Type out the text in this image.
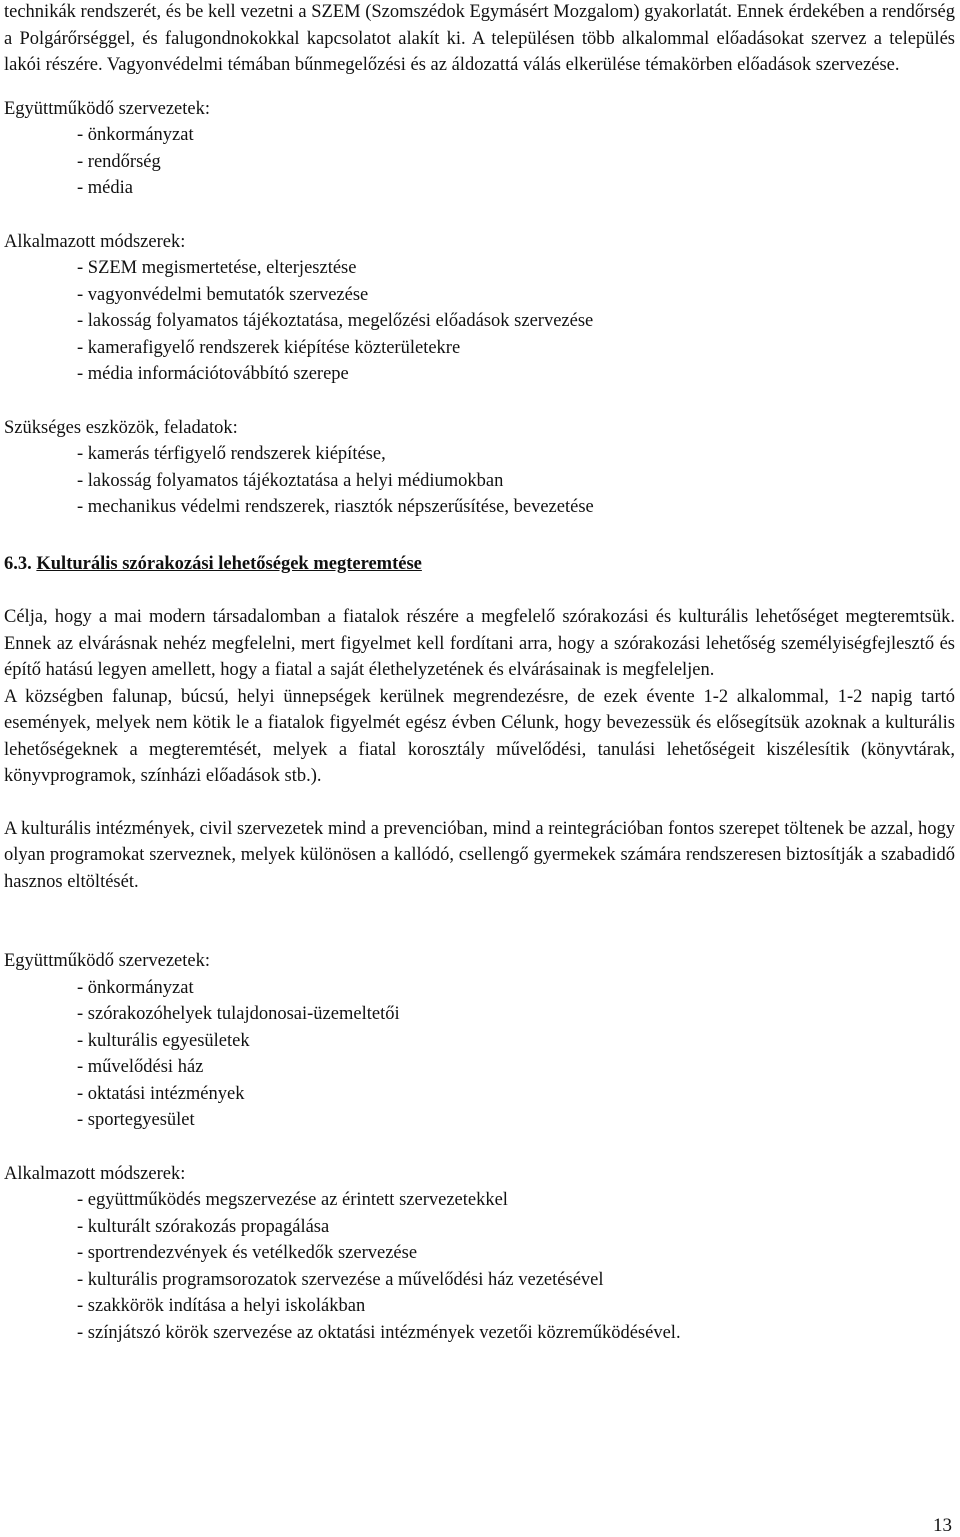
technikák rendszerét, és be kell vezetni a SZEM (Szomszédok Egymásért Mozgalom) gyakorlatát. Ennek érdekében a rendőrség a Polgárőrséggel, és falugondnokokkal kapcsolatot alakít ki. A településen több alkalommal előadásokat szervez a település lakói részére. Vagyonvédelmi témában bűnmegelőzési és az áldozattá válás elkerülése témakörben előadások szervezése.

Együttműködő szervezetek:

- önkormányzat
- rendőrség
- média

Alkalmazott módszerek:

- SZEM megismertetése, elterjesztése
- vagyonvédelmi bemutatók szervezése
- lakosság folyamatos tájékoztatása, megelőzési előadások szervezése
- kamerafigyelő rendszerek kiépítése közterületekre
- média információtovábbító szerepe

Szükséges eszközök, feladatok:

- kamerás térfigyelő rendszerek kiépítése,
- lakosság folyamatos tájékoztatása a helyi médiumokban
- mechanikus védelmi rendszerek, riasztók népszerűsítése, bevezetése

6.3. Kulturális szórakozási lehetőségek megteremtése

Célja, hogy a mai modern társadalomban a fiatalok részére a megfelelő szórakozási és kulturális lehetőséget megteremtsük. Ennek az elvárásnak nehéz megfelelni, mert figyelmet kell fordítani arra, hogy a szórakozási lehetőség személyiségfejlesztő és építő hatású legyen amellett, hogy a fiatal a saját élethelyzetének és elvárásainak is megfeleljen.

A községben falunap, búcsú, helyi ünnepségek kerülnek megrendezésre, de ezek évente 1-2 alkalommal, 1-2 napig tartó események, melyek nem kötik le a fiatalok figyelmét egész évben Célunk, hogy bevezessük és elősegítsük azoknak a kulturális lehetőségeknek a megteremtését, melyek a fiatal korosztály művelődési, tanulási lehetőségeit kiszélesítik (könyvtárak, könyvprogramok, színházi előadások stb.).

A kulturális intézmények, civil szervezetek mind a prevencióban, mind a reintegrációban fontos szerepet töltenek be azzal, hogy olyan programokat szerveznek, melyek különösen a kallódó, csellengő gyermekek számára rendszeresen biztosítják a szabadidő hasznos eltöltését.

Együttműködő szervezetek:

- önkormányzat
- szórakozóhelyek tulajdonosai-üzemeltetői
- kulturális egyesületek
- művelődési ház
- oktatási intézmények
- sportegyesület

Alkalmazott módszerek:

- együttműködés megszervezése az érintett szervezetekkel
- kulturált szórakozás propagálása
- sportrendezvények és vetélkedők szervezése
- kulturális programsorozatok szervezése a művelődési ház vezetésével
- szakkörök indítása a helyi iskolákban
- színjátszó körök szervezése az oktatási intézmények vezetői közreműködésével.
13
